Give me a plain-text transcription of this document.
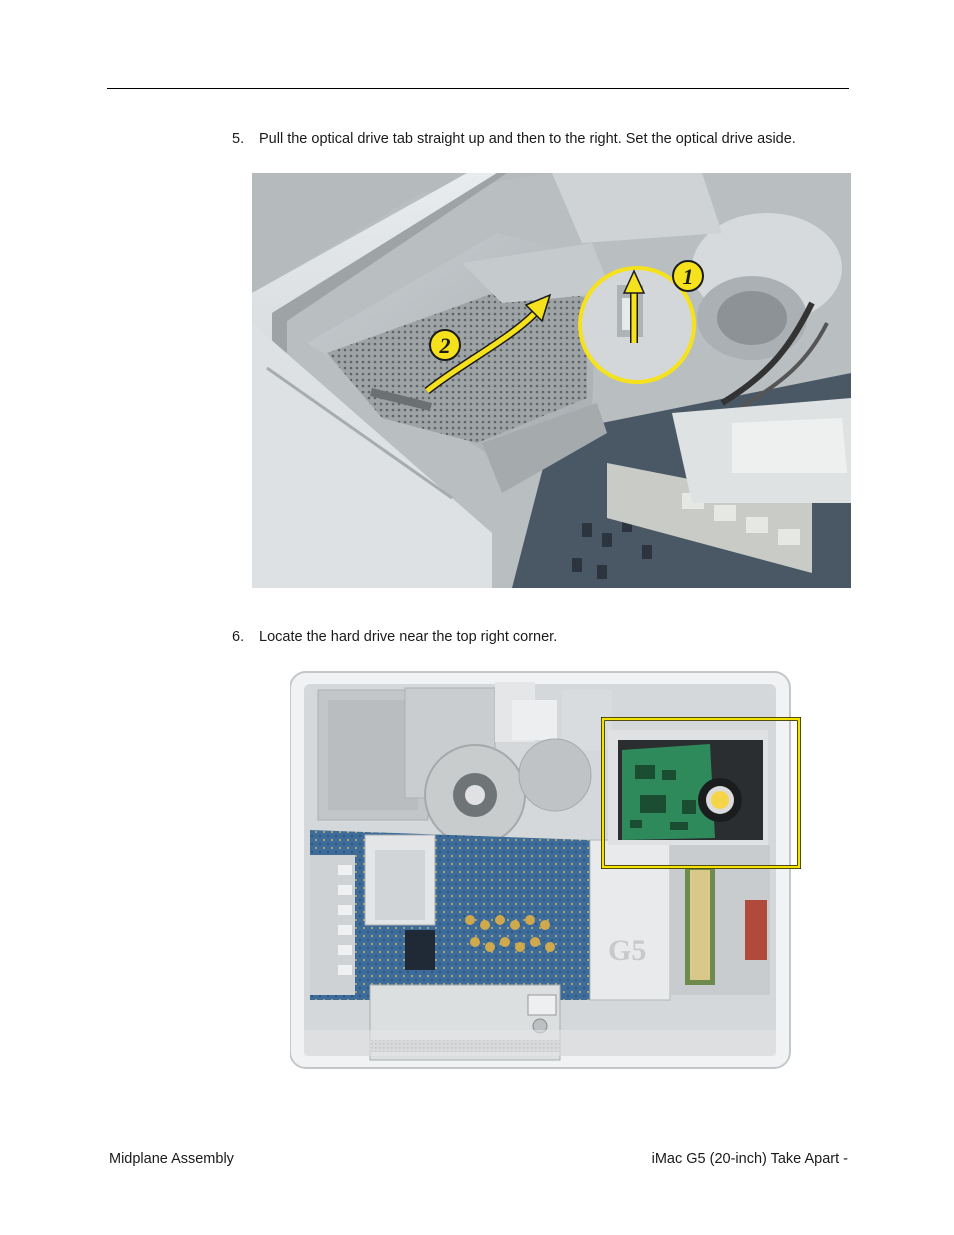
5. Pull the optical drive tab straight up and then to the right. Set the optical drive aside.
1
2
6. Locate the hard drive near the top right corner.
G5
Midplane Assembly	iMac G5 (20-inch) Take Apart -
